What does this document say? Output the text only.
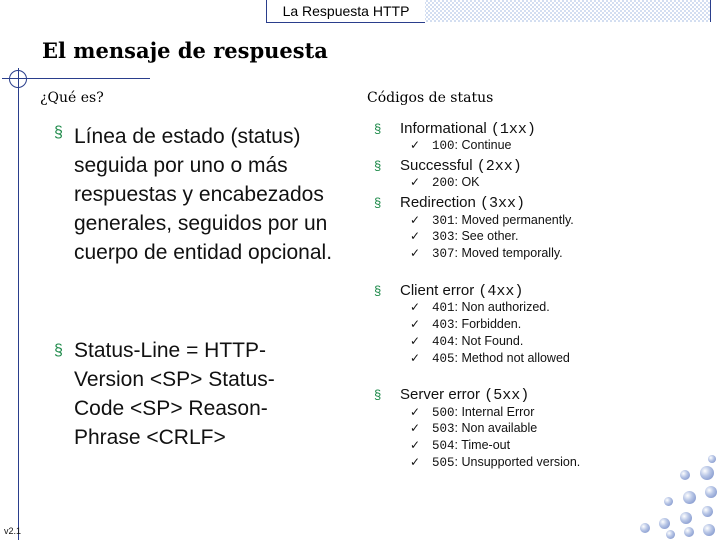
La Respuesta HTTP
El mensaje de respuesta
¿Qué es?	Códigos de status
§ Línea de estado (status) seguida por uno o más respuestas y encabezados generales, seguidos por un cuerpo de entidad opcional.
§ Status-Line = HTTP-Version <SP> Status-Code <SP> Reason-Phrase <CRLF>
§ Informational (1xx)
✓ 100: Continue
§ Successful (2xx)
✓ 200: OK
§ Redirection (3xx)
✓ 301: Moved permanently.
✓ 303: See other.
✓ 307: Moved temporally.
§ Client error (4xx)
✓ 401: Non authorized.
✓ 403: Forbidden.
✓ 404: Not Found.
✓ 405: Method not allowed
§ Server error (5xx)
✓ 500: Internal Error
✓ 503: Non available
✓ 504: Time-out
✓ 505: Unsupported version.
v2.1
